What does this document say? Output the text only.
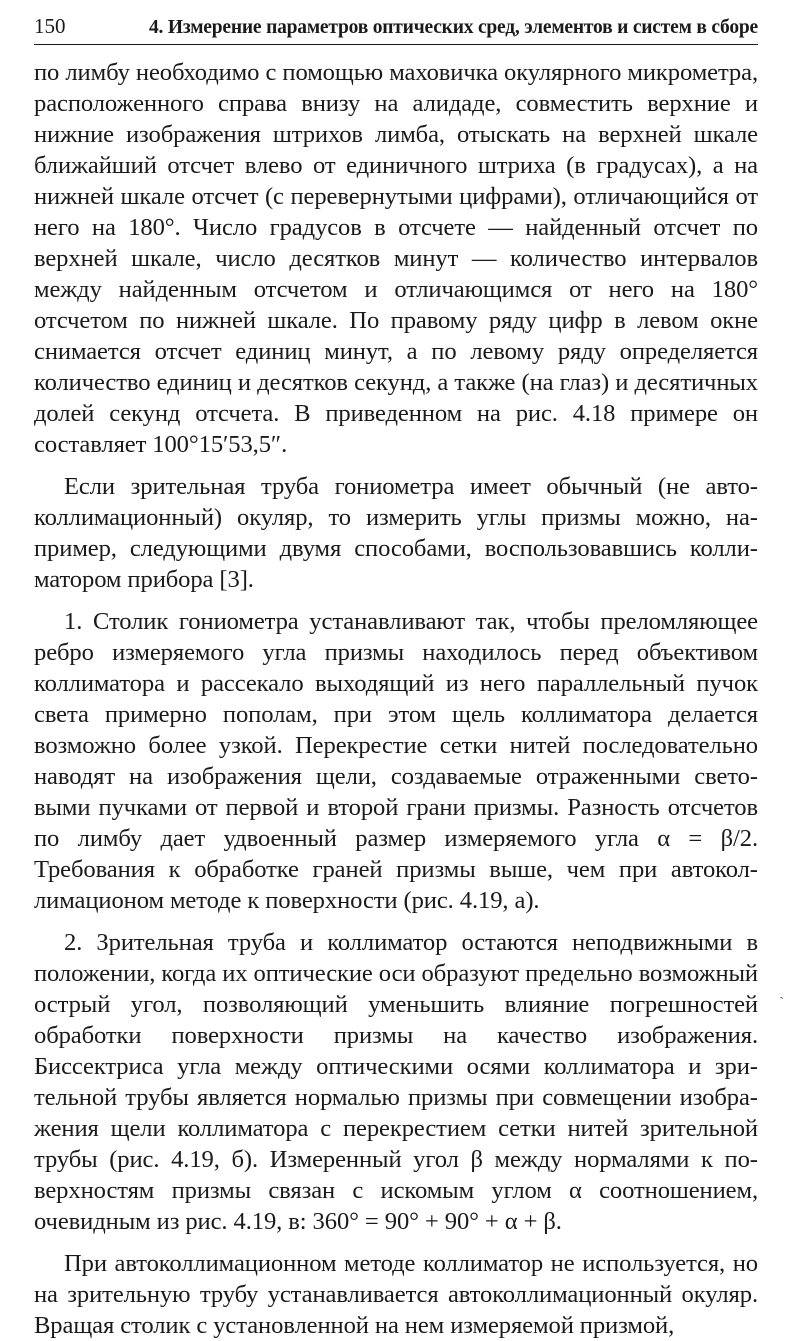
150	4. Измерение параметров оптических сред, элементов и систем в сборе

по лимбу необходимо с помощью маховичка окулярного микрометра, расположенного справа внизу на алидаде, совместить верхние и нижние изображения штрихов лимба, отыскать на верхней шкале ближайший отсчет влево от единичного штриха (в градусах), а на нижней шкале отсчет (с перевернутыми цифрами), отличающийся от него на 180°. Число градусов в отсчете — найденный отсчет по верхней шкале, число десятков минут — количество интервалов между найденным отсчетом и отличающимся от него на 180° отсчетом по нижней шкале. По правому ряду цифр в левом окне снимается отсчет единиц минут, а по левому ряду определяется количество единиц и десятков секунд, а также (на глаз) и десятичных долей секунд отсчета. В приведенном на рис. 4.18 примере он составляет 100°15′53,5″.

Если зрительная труба гониометра имеет обычный (не автоколлимационный) окуляр, то измерить углы призмы можно, например, следующими двумя способами, воспользовавшись коллиматором прибора [3].

1. Столик гониометра устанавливают так, чтобы преломляющее ребро измеряемого угла призмы находилось перед объективом коллиматора и рассекало выходящий из него параллельный пучок света примерно пополам, при этом щель коллиматора делается возможно более узкой. Перекрестие сетки нитей последовательно наводят на изображения щели, создаваемые отраженными световыми пучками от первой и второй грани призмы. Разность отсчетов по лимбу дает удвоенный размер измеряемого угла α = β/2. Требования к обработке граней призмы выше, чем при автоколлимационом методе к поверхности (рис. 4.19, а).

2. Зрительная труба и коллиматор остаются неподвижными в положении, когда их оптические оси образуют предельно возможный острый угол, позволяющий уменьшить влияние погрешностей обработки поверхности призмы на качество изображения. Биссектриса угла между оптическими осями коллиматора и зрительной трубы является нормалью призмы при совмещении изображения щели коллиматора с перекрестием сетки нитей зрительной трубы (рис. 4.19, б). Измеренный угол β между нормалями к поверхностям призмы связан с искомым углом α соотношением, очевидным из рис. 4.19, в: 360° = 90° + 90° + α + β.

При автоколлимационном методе коллиматор не используется, но на зрительную трубу устанавливается автоколлимационный окуляр. Вращая столик с установленной на нем измеряемой призмой,

ˏ
